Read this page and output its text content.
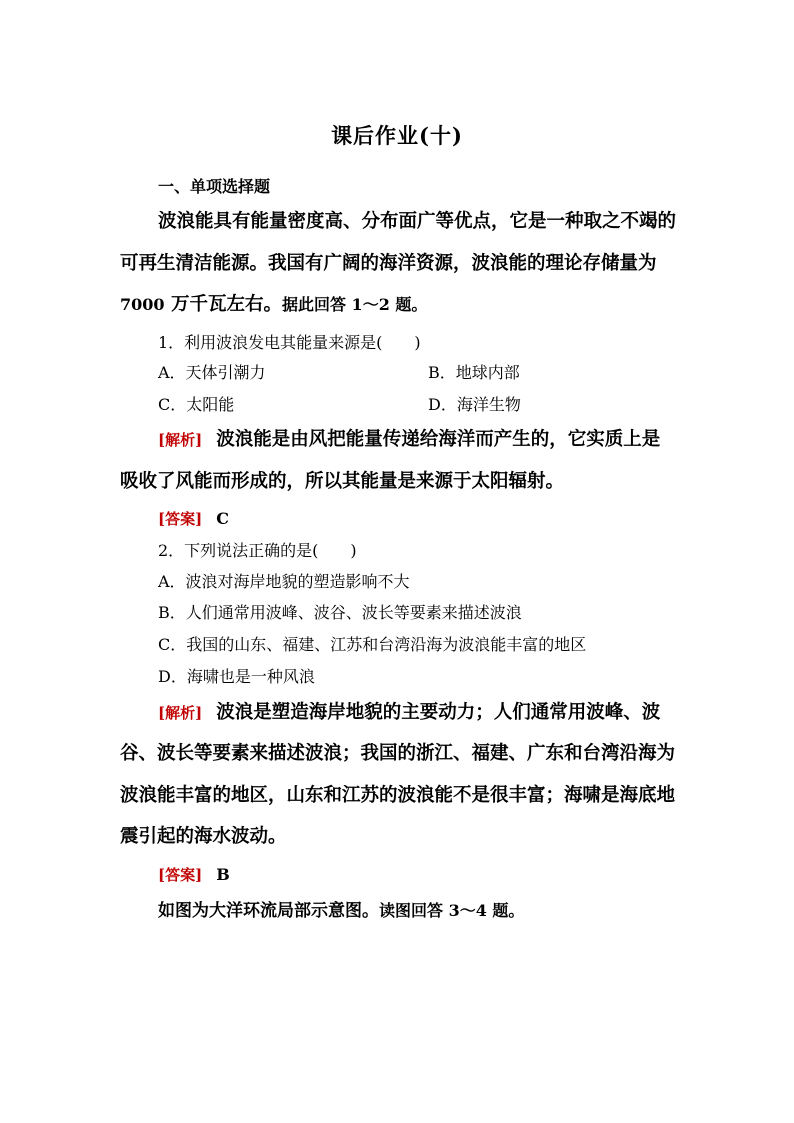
课后作业(十)
一、单项选择题
波浪能具有能量密度高、分布面广等优点，它是一种取之不竭的
可再生清洁能源。我国有广阔的海洋资源，波浪能的理论存储量为
7000 万千瓦左右。据此回答 1～2 题。
1．利用波浪发电其能量来源是(　　)
A．天体引潮力	B．地球内部
C．太阳能	D．海洋生物
[解析] 波浪能是由风把能量传递给海洋而产生的，它实质上是
吸收了风能而形成的，所以其能量是来源于太阳辐射。
[答案] C
2．下列说法正确的是(　　)
A．波浪对海岸地貌的塑造影响不大
B．人们通常用波峰、波谷、波长等要素来描述波浪
C．我国的山东、福建、江苏和台湾沿海为波浪能丰富的地区
D．海啸也是一种风浪
[解析] 波浪是塑造海岸地貌的主要动力；人们通常用波峰、波
谷、波长等要素来描述波浪；我国的浙江、福建、广东和台湾沿海为
波浪能丰富的地区，山东和江苏的波浪能不是很丰富；海啸是海底地
震引起的海水波动。
[答案] B
如图为大洋环流局部示意图。读图回答 3～4 题。
